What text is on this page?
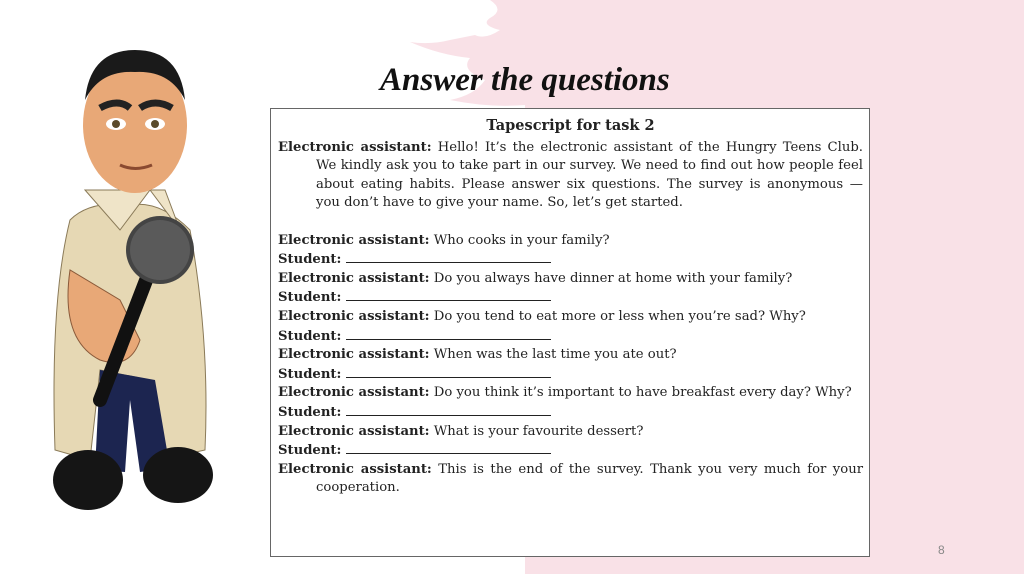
Answer the questions
Tapescript for task 2
Electronic assistant: Hello! It’s the electronic assistant of the Hungry Teens Club. We kindly ask you to take part in our survey. We need to find out how people feel about eating habits. Please answer six questions. The survey is anonymous — you don’t have to give your name. So, let’s get started.
Electronic assistant: Who cooks in your family?
Student:
Electronic assistant: Do you always have dinner at home with your family?
Student:
Electronic assistant: Do you tend to eat more or less when you’re sad? Why?
Student:
Electronic assistant: When was the last time you ate out?
Student:
Electronic assistant: Do you think it’s important to have breakfast every day? Why?
Student:
Electronic assistant: What is your favourite dessert?
Student:
Electronic assistant: This is the end of the survey. Thank you very much for your cooperation.
8
